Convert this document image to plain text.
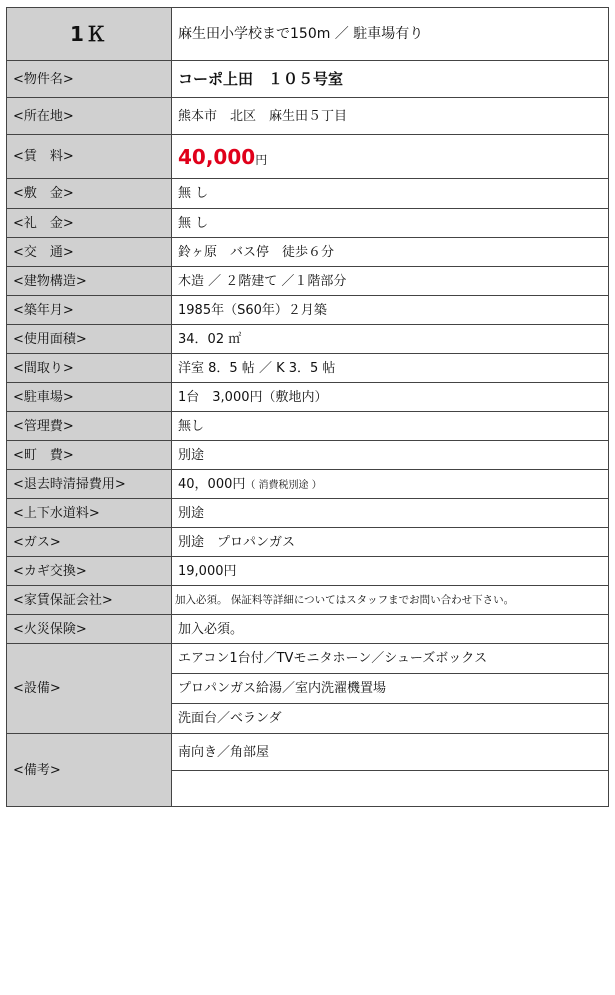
1Ｋ	麻生田小学校まで150m ／ 駐車場有り
<物件名>	コーポ上田　１０５号室
<所在地>	熊本市　北区　麻生田５丁目
<賃　料>	40,000円
<敷　金>	無 し
<礼　金>	無 し
<交　通>	鈴ヶ原　バス停　徒歩６分
<建物構造>	木造 ／ ２階建て ／１階部分
<築年月>	1985年（S60年）２月築
<使用面積>	34．02 ㎡
<間取り>	洋室 8．5 帖 ／ K 3．5 帖
<駐車場>	1台　3,000円（敷地内）
<管理費>	無し
<町　費>	別途
<退去時清掃費用>	40，000円（ 消費税別途 ）
<上下水道料>	別途
<ガス>	別途　プロパンガス
<カギ交換>	19,000円
<家賃保証会社>	加入必須。 保証料等詳細についてはスタッフまでお問い合わせ下さい。
<火災保険>	加入必須。
<設備>	エアコン1台付／TVモニタホーン／シューズボックス
	プロパンガス給湯／室内洗濯機置場
	洗面台／ベランダ
<備考>	南向き／角部屋
